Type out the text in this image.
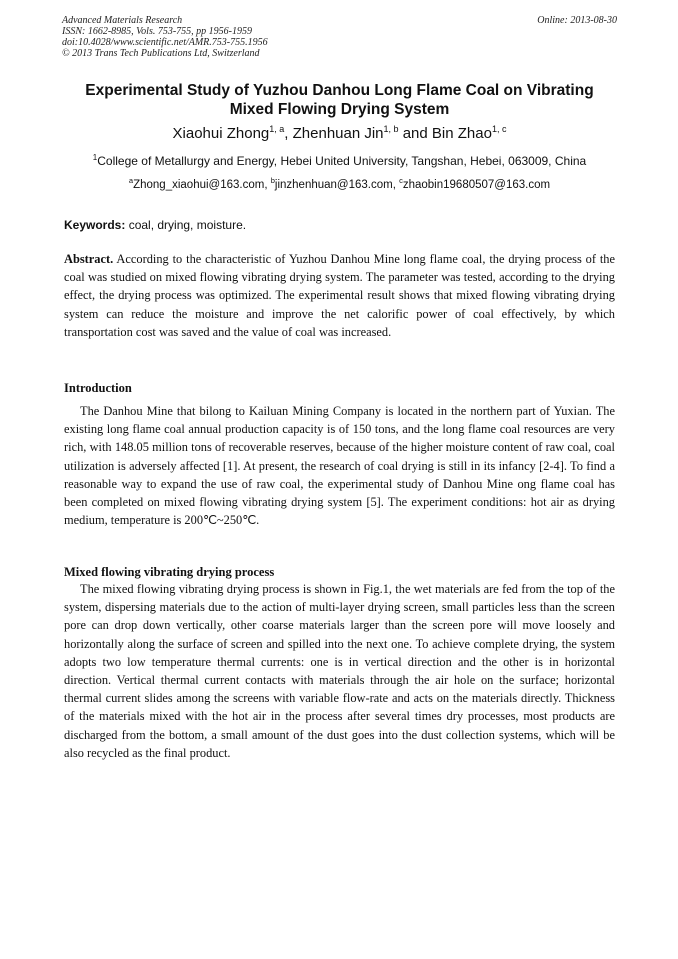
Advanced Materials Research
ISSN: 1662-8985, Vols. 753-755, pp 1956-1959
doi:10.4028/www.scientific.net/AMR.753-755.1956
© 2013 Trans Tech Publications Ltd, Switzerland
Online: 2013-08-30
Experimental Study of Yuzhou Danhou Long Flame Coal on Vibrating
Mixed Flowing Drying System
Xiaohui Zhong$^{1, a}$, Zhenhuan Jin$^{1, b}$ and Bin Zhao$^{1, c}$
$^1$College of Metallurgy and Energy, Hebei United University, Tangshan, Hebei, 063009, China
$^a$Zhong_xiaohui@163.com, $^b$jinzhenhuan@163.com, $^c$zhaobin19680507@163.com
Keywords: coal, drying, moisture.
Abstract. According to the characteristic of Yuzhou Danhou Mine long flame coal, the drying process of the coal was studied on mixed flowing vibrating drying system. The parameter was tested, according to the drying effect, the drying process was optimized. The experimental result shows that mixed flowing vibrating drying system can reduce the moisture and improve the net calorific power of coal effectively, by which transportation cost was saved and the value of coal was increased.
Introduction
The Danhou Mine that bilong to Kailuan Mining Company is located in the northern part of Yuxian. The existing long flame coal annual production capacity is of 150 tons, and the long flame coal resources are very rich, with 148.05 million tons of recoverable reserves, because of the higher moisture content of raw coal, coal utilization is adversely affected [1]. At present, the research of coal drying is still in its infancy [2-4]. To find a reasonable way to expand the use of raw coal, the experimental study of Danhou Mine ong flame coal has been completed on mixed flowing vibrating drying system [5]. The experiment conditions: hot air as drying medium, temperature is 200℃~250℃.
Mixed flowing vibrating drying process
The mixed flowing vibrating drying process is shown in Fig.1, the wet materials are fed from the top of the system, dispersing materials due to the action of multi-layer drying screen, small particles less than the screen pore can drop down vertically, other coarse materials larger than the screen pore will move loosely and horizontally along the surface of screen and spilled into the next one. To achieve complete drying, the system adopts two low temperature thermal currents: one is in vertical direction and the other is in horizontal direction. Vertical thermal current contacts with materials through the air hole on the surface; horizontal thermal current slides among the screens with variable flow-rate and acts on the materials directly. Thickness of the materials mixed with the hot air in the process after several times dry processes, most products are discharged from the bottom, a small amount of the dust goes into the dust collection systems, which will be also recycled as the final product.
